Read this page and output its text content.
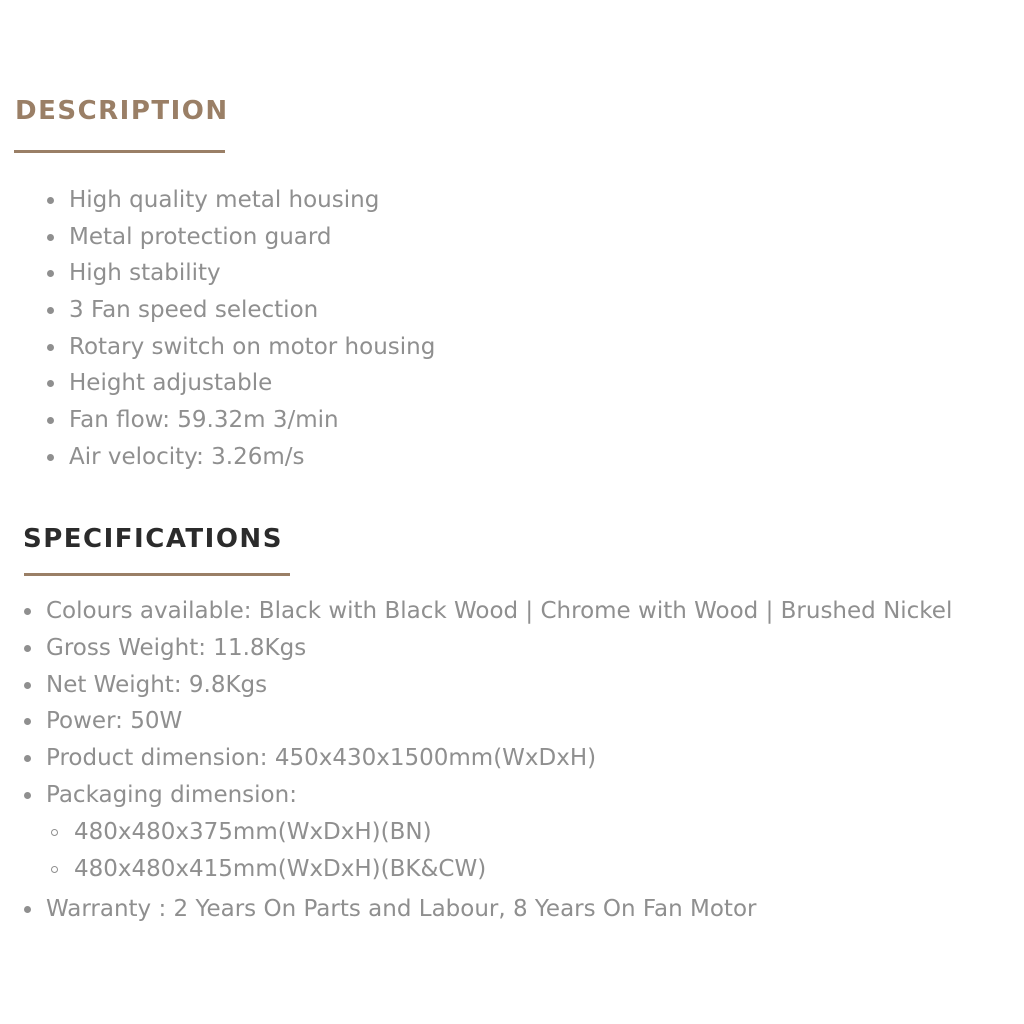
DESCRIPTION
High quality metal housing
Metal protection guard
High stability
3 Fan speed selection
Rotary switch on motor housing
Height adjustable
Fan flow: 59.32m 3/min
Air velocity: 3.26m/s
SPECIFICATIONS
Colours available: Black with Black Wood | Chrome with Wood | Brushed Nickel
Gross Weight: 11.8Kgs
Net Weight: 9.8Kgs
Power: 50W
Product dimension: 450x430x1500mm(WxDxH)
Packaging dimension:
480x480x375mm(WxDxH)(BN)
480x480x415mm(WxDxH)(BK&CW)
Warranty : 2 Years On Parts and Labour, 8 Years On Fan Motor
